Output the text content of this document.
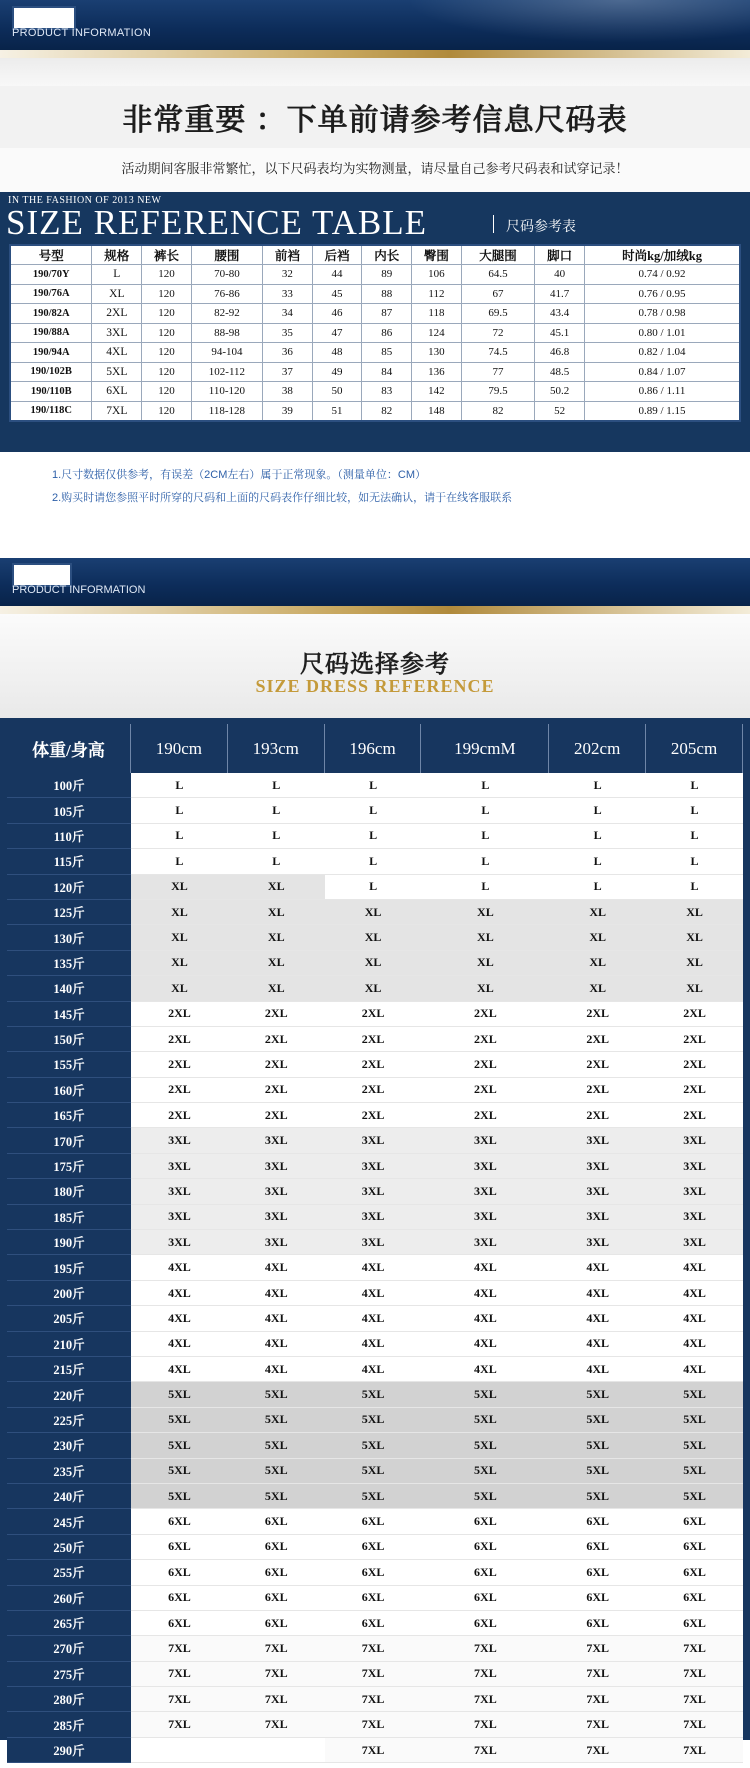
尺码信息
PRODUCT INFORMATION
非常重要 ：下单前请参考信息尺码表
活动期间客服非常繁忙，以下尺码表均为实物测量，请尽量自己参考尺码表和试穿记录！
IN THE FASHION OF 2013 NEW
SIZE REFERENCE TABLE	尺码参考表
号型	规格	裤长	腰围	前裆	后裆	内长	臀围	大腿围	脚口	时尚kg/加绒kg
190/70Y	L	120	70-80	32	44	89	106	64.5	40	0.74 / 0.92
190/76A	XL	120	76-86	33	45	88	112	67	41.7	0.76 / 0.95
190/82A	2XL	120	82-92	34	46	87	118	69.5	43.4	0.78 / 0.98
190/88A	3XL	120	88-98	35	47	86	124	72	45.1	0.80 / 1.01
190/94A	4XL	120	94-104	36	48	85	130	74.5	46.8	0.82 / 1.04
190/102B	5XL	120	102-112	37	49	84	136	77	48.5	0.84 / 1.07
190/110B	6XL	120	110-120	38	50	83	142	79.5	50.2	0.86 / 1.11
190/118C	7XL	120	118-128	39	51	82	148	82	52	0.89 / 1.15
1.尺寸数据仅供参考，有误差（2CM左右）属于正常现象。（测量单位：CM）
2.购买时请您参照平时所穿的尺码和上面的尺码表作仔细比较，如无法确认，请于在线客服联系
尺码参考
PRODUCT INFORMATION
尺码选择参考
SIZE DRESS REFERENCE
体重/身高	190cm	193cm	196cm	199cmM	202cm	205cm
100斤	L	L	L	L	L	L
105斤	L	L	L	L	L	L
110斤	L	L	L	L	L	L
115斤	L	L	L	L	L	L
120斤	XL	XL	L	L	L	L
125斤	XL	XL	XL	XL	XL	XL
130斤	XL	XL	XL	XL	XL	XL
135斤	XL	XL	XL	XL	XL	XL
140斤	XL	XL	XL	XL	XL	XL
145斤	2XL	2XL	2XL	2XL	2XL	2XL
150斤	2XL	2XL	2XL	2XL	2XL	2XL
155斤	2XL	2XL	2XL	2XL	2XL	2XL
160斤	2XL	2XL	2XL	2XL	2XL	2XL
165斤	2XL	2XL	2XL	2XL	2XL	2XL
170斤	3XL	3XL	3XL	3XL	3XL	3XL
175斤	3XL	3XL	3XL	3XL	3XL	3XL
180斤	3XL	3XL	3XL	3XL	3XL	3XL
185斤	3XL	3XL	3XL	3XL	3XL	3XL
190斤	3XL	3XL	3XL	3XL	3XL	3XL
195斤	4XL	4XL	4XL	4XL	4XL	4XL
200斤	4XL	4XL	4XL	4XL	4XL	4XL
205斤	4XL	4XL	4XL	4XL	4XL	4XL
210斤	4XL	4XL	4XL	4XL	4XL	4XL
215斤	4XL	4XL	4XL	4XL	4XL	4XL
220斤	5XL	5XL	5XL	5XL	5XL	5XL
225斤	5XL	5XL	5XL	5XL	5XL	5XL
230斤	5XL	5XL	5XL	5XL	5XL	5XL
235斤	5XL	5XL	5XL	5XL	5XL	5XL
240斤	5XL	5XL	5XL	5XL	5XL	5XL
245斤	6XL	6XL	6XL	6XL	6XL	6XL
250斤	6XL	6XL	6XL	6XL	6XL	6XL
255斤	6XL	6XL	6XL	6XL	6XL	6XL
260斤	6XL	6XL	6XL	6XL	6XL	6XL
265斤	6XL	6XL	6XL	6XL	6XL	6XL
270斤	7XL	7XL	7XL	7XL	7XL	7XL
275斤	7XL	7XL	7XL	7XL	7XL	7XL
280斤	7XL	7XL	7XL	7XL	7XL	7XL
285斤	7XL	7XL	7XL	7XL	7XL	7XL
290斤			7XL	7XL	7XL	7XL
